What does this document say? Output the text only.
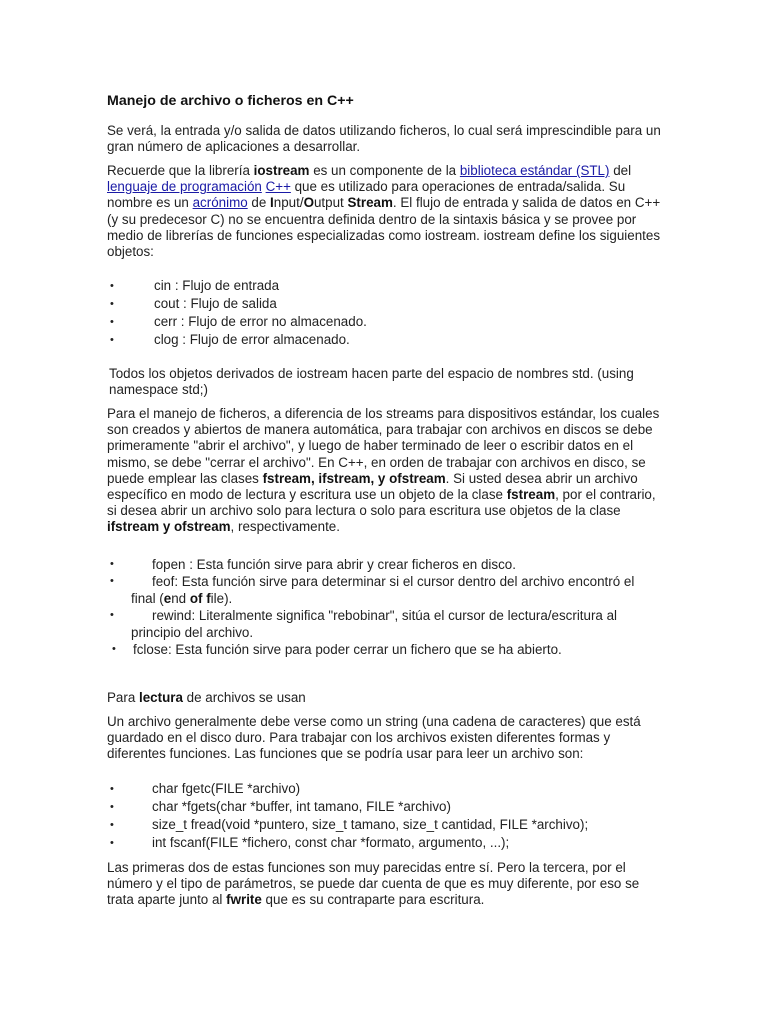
Manejo de archivo o ficheros en C++

Se verá, la entrada y/o salida de datos utilizando ficheros, lo cual será imprescindible para un gran número de aplicaciones a desarrollar.

Recuerde que la librería iostream es un componente de la biblioteca estándar (STL) del lenguaje de programación C++ que es utilizado para operaciones de entrada/salida. Su nombre es un acrónimo de Input/Output Stream. El flujo de entrada y salida de datos en C++ (y su predecesor C) no se encuentra definida dentro de la sintaxis básica y se provee por medio de librerías de funciones especializadas como iostream. iostream define los siguientes objetos:

•	cin : Flujo de entrada
•	cout : Flujo de salida
•	cerr : Flujo de error no almacenado.
•	clog : Flujo de error almacenado.

Todos los objetos derivados de iostream hacen parte del espacio de nombres std. (using namespace std;)

Para el manejo de ficheros, a diferencia de los streams para dispositivos estándar, los cuales son creados y abiertos de manera automática, para trabajar con archivos en discos se debe primeramente "abrir el archivo", y luego de haber terminado de leer o escribir datos en el mismo, se debe "cerrar el archivo". En C++, en orden de trabajar con archivos en disco, se puede emplear las clases fstream, ifstream, y ofstream. Si usted desea abrir un archivo específico en modo de lectura y escritura use un objeto de la clase fstream, por el contrario, si desea abrir un archivo solo para lectura o solo para escritura use objetos de la clase ifstream y ofstream, respectivamente.

•	fopen : Esta función sirve para abrir y crear ficheros en disco.
•	feof: Esta función sirve para determinar si el cursor dentro del archivo encontró el
final (end of file).
•	rewind: Literalmente significa "rebobinar", sitúa el cursor de lectura/escritura al
principio del archivo.
• fclose: Esta función sirve para poder cerrar un fichero que se ha abierto.

Para lectura de archivos se usan

Un archivo generalmente debe verse como un string (una cadena de caracteres) que está guardado en el disco duro. Para trabajar con los archivos existen diferentes formas y diferentes funciones. Las funciones que se podría usar para leer un archivo son:

•	char fgetc(FILE *archivo)
•	char *fgets(char *buffer, int tamano, FILE *archivo)
•	size_t fread(void *puntero, size_t tamano, size_t cantidad, FILE *archivo);
•	int fscanf(FILE *fichero, const char *formato, argumento, ...);

Las primeras dos de estas funciones son muy parecidas entre sí. Pero la tercera, por el número y el tipo de parámetros, se puede dar cuenta de que es muy diferente, por eso se trata aparte junto al fwrite que es su contraparte para escritura.
